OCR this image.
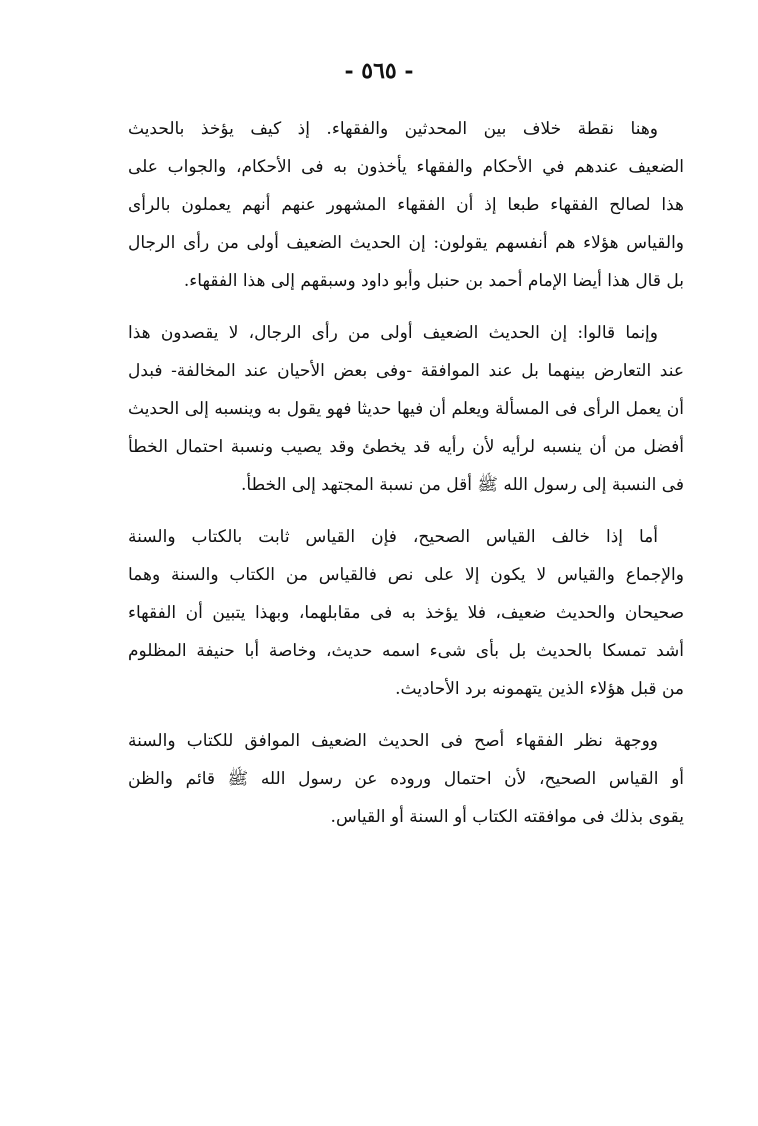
- ٥٦٥ -
وهنا نقطة خلاف بين المحدثين والفقهاء. إذ كيف يؤخذ بالحديث
الضعيف عندهم في الأحكام والفقهاء يأخذون به فى الأحكام، والجواب على
هذا لصالح الفقهاء طبعا إذ أن الفقهاء المشهور عنهم أنهم يعملون بالرأى
والقياس هؤلاء هم أنفسهم يقولون: إن الحديث الضعيف أولى من رأى الرجال
بل قال هذا أيضا الإمام أحمد بن حنبل وأبو داود وسبقهم إلى هذا الفقهاء.
وإنما قالوا: إن الحديث الضعيف أولى من رأى الرجال، لا يقصدون هذا
عند التعارض بينهما بل عند الموافقة -وفى بعض الأحيان عند المخالفة- فبدل
أن يعمل الرأى فى المسألة ويعلم أن فيها حديثا فهو يقول به وينسبه إلى الحديث
أفضل من أن ينسبه لرأيه لأن رأيه قد يخطئ وقد يصيب ونسبة احتمال الخطأ
فى النسبة إلى رسول الله ﷺ أقل من نسبة المجتهد إلى الخطأ.
أما إذا خالف القياس الصحيح، فإن القياس ثابت بالكتاب والسنة
والإجماع والقياس لا يكون إلا على نص فالقياس من الكتاب والسنة وهما
صحيحان والحديث ضعيف، فلا يؤخذ به فى مقابلهما، وبهذا يتبين أن الفقهاء
أشد تمسكا بالحديث بل بأى شىء اسمه حديث، وخاصة أبا حنيفة المظلوم
من قبل هؤلاء الذين يتهمونه برد الأحاديث.
ووجهة نظر الفقهاء أصح فى الحديث الضعيف الموافق للكتاب والسنة
أو القياس الصحيح، لأن احتمال وروده عن رسول الله ﷺ قائم والظن
يقوى بذلك فى موافقته الكتاب أو السنة أو القياس.
